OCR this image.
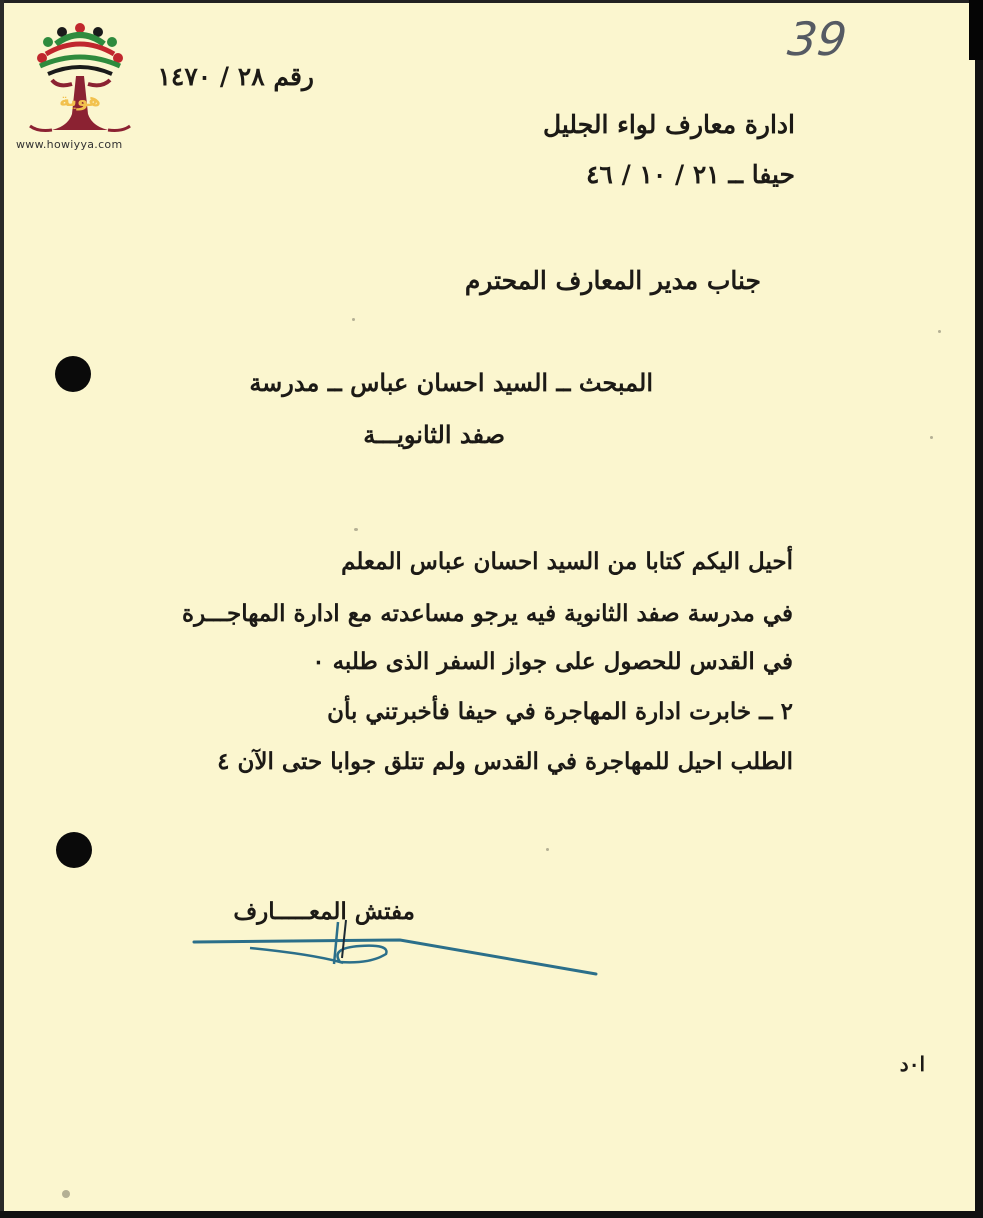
هوية
www.howiyya.com
39
رقم ٢٨ / ١٤٧٠
ادارة معارف لواء الجليل
حيفا ــ ٢١ / ١٠ / ٤٦
جناب مدير المعارف المحترم
المبحث ــ السيد احسان عباس ــ مدرسة
صفد الثانويـــة
أحيل اليكم كتابا من السيد احسان عباس المعلم
في مدرسة صفد الثانوية فيه يرجو مساعدته مع ادارة المهاجـــرة
في القدس للحصول على جواز السفر الذى طلبه ٠
٢ ــ خابرت ادارة المهاجرة في حيفا فأخبرتني بأن
الطلب احيل للمهاجرة في القدس ولم تتلق جوابا حتى الآن ٤
مفتش المعـــــارف
ا٠د
